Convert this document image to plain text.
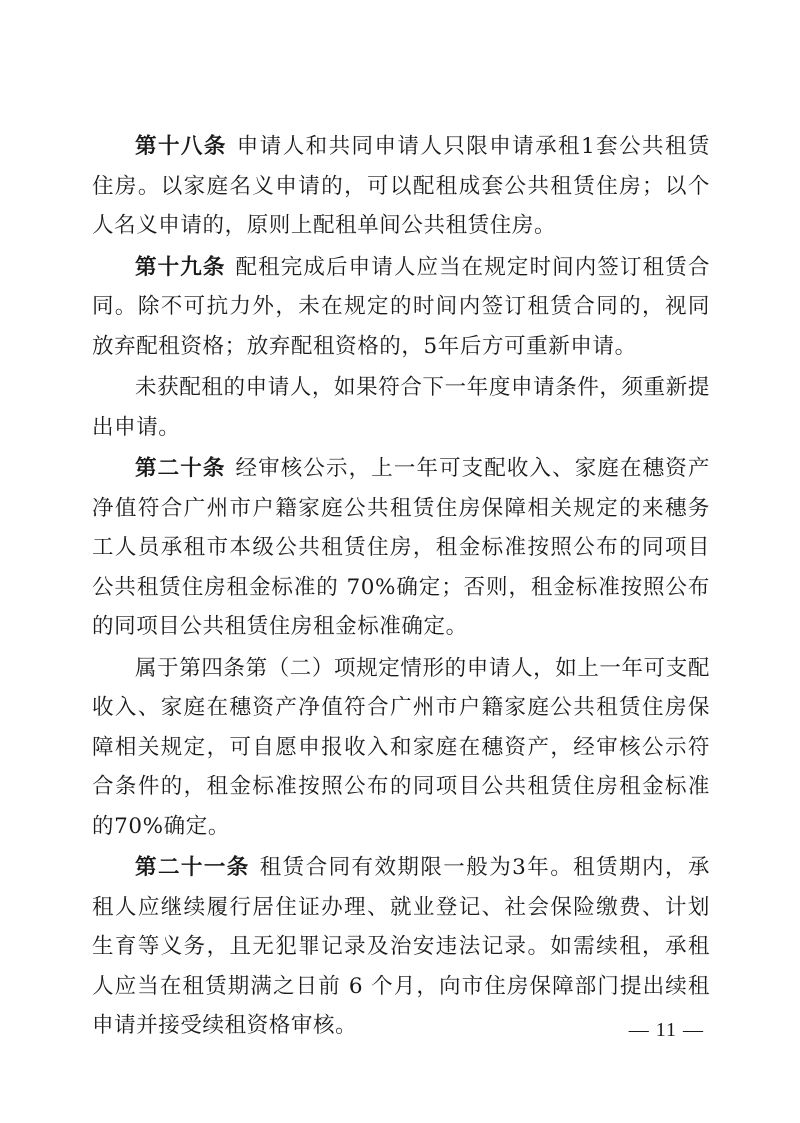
第十八条 申请人和共同申请人只限申请承租1套公共租赁住房。以家庭名义申请的，可以配租成套公共租赁住房；以个人名义申请的，原则上配租单间公共租赁住房。

第十九条 配租完成后申请人应当在规定时间内签订租赁合同。除不可抗力外，未在规定的时间内签订租赁合同的，视同放弃配租资格；放弃配租资格的，5年后方可重新申请。

未获配租的申请人，如果符合下一年度申请条件，须重新提出申请。

第二十条 经审核公示，上一年可支配收入、家庭在穗资产净值符合广州市户籍家庭公共租赁住房保障相关规定的来穗务工人员承租市本级公共租赁住房，租金标准按照公布的同项目公共租赁住房租金标准的 70%确定；否则，租金标准按照公布的同项目公共租赁住房租金标准确定。

属于第四条第（二）项规定情形的申请人，如上一年可支配收入、家庭在穗资产净值符合广州市户籍家庭公共租赁住房保障相关规定，可自愿申报收入和家庭在穗资产，经审核公示符合条件的，租金标准按照公布的同项目公共租赁住房租金标准的70%确定。

第二十一条 租赁合同有效期限一般为3年。租赁期内，承租人应继续履行居住证办理、就业登记、社会保险缴费、计划生育等义务，且无犯罪记录及治安违法记录。如需续租，承租人应当在租赁期满之日前 6 个月，向市住房保障部门提出续租申请并接受续租资格审核。	— 11 —
